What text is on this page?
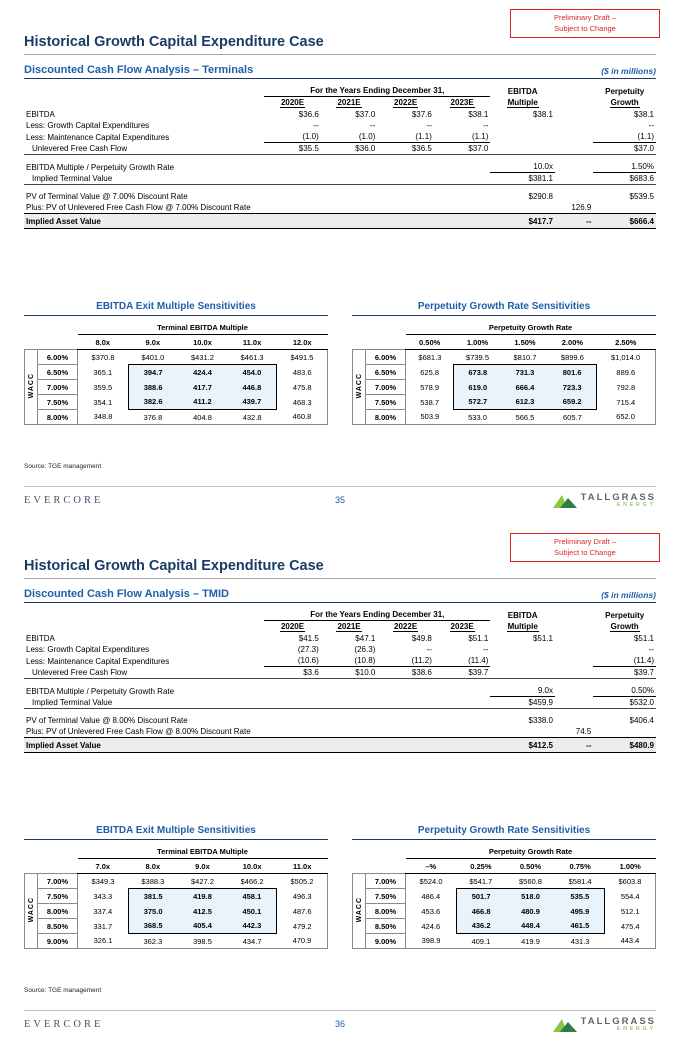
Preliminary Draft –
Subject to Change
Historical Growth Capital Expenditure Case
Discounted Cash Flow Analysis – Terminals	($ in millions)
	For the Years Ending December 31,				EBITDA		Perpetuity
	2020E	2021E	2022E	2023E	Multiple		Growth
EBITDA	$36.6	$37.0	$37.6	$38.1	$38.1		$38.1
Less: Growth Capital Expenditures	--	--	--	--			--
Less: Maintenance Capital Expenditures	(1.0)	(1.0)	(1.1)	(1.1)			(1.1)
Unlevered Free Cash Flow	$35.5	$36.0	$36.5	$37.0			$37.0
EBITDA Multiple / Perpetuity Growth Rate					10.0x		1.50%
Implied Terminal Value					$381.1		$683.6
PV of Terminal Value @ 7.00% Discount Rate					$290.8		$539.5
Plus: PV of Unlevered Free Cash Flow @ 7.00% Discount Rate						126.9	
Implied Asset Value					$417.7	--	$666.4
EBITDA Exit Multiple Sensitivities
		Terminal EBITDA Multiple				
		8.0x	9.0x	10.0x	11.0x	12.0x
WACC	6.00%	$370.8	$401.0	$431.2	$461.3	$491.5
	6.50%	365.1	394.7	424.4	454.0	483.6
	7.00%	359.5	388.6	417.7	446.8	475.8
	7.50%	354.1	382.6	411.2	439.7	468.3
	8.00%	348.8	376.8	404.8	432.8	460.8
Perpetuity Growth Rate Sensitivities
		Perpetuity Growth Rate				
		0.50%	1.00%	1.50%	2.00%	2.50%
WACC	6.00%	$681.3	$739.5	$810.7	$899.6	$1,014.0
	6.50%	625.8	673.8	731.3	801.6	889.6
	7.00%	578.9	619.0	666.4	723.3	792.8
	7.50%	538.7	572.7	612.3	659.2	715.4
	8.00%	503.9	533.0	566.5	605.7	652.0
Source: TGE management
EVERCORE	35	TALLGRASS
ENERGY
Preliminary Draft –
Subject to Change
Historical Growth Capital Expenditure Case
Discounted Cash Flow Analysis – TMID	($ in millions)
	For the Years Ending December 31,				EBITDA		Perpetuity
	2020E	2021E	2022E	2023E	Multiple		Growth
EBITDA	$41.5	$47.1	$49.8	$51.1	$51.1		$51.1
Less: Growth Capital Expenditures	(27.3)	(26.3)	--	--			--
Less: Maintenance Capital Expenditures	(10.6)	(10.8)	(11.2)	(11.4)			(11.4)
Unlevered Free Cash Flow	$3.6	$10.0	$38.6	$39.7			$39.7
EBITDA Multiple / Perpetuity Growth Rate					9.0x		0.50%
Implied Terminal Value					$459.9		$532.0
PV of Terminal Value @ 8.00% Discount Rate					$338.0		$406.4
Plus: PV of Unlevered Free Cash Flow @ 8.00% Discount Rate						74.5	
Implied Asset Value					$412.5	--	$480.9
EBITDA Exit Multiple Sensitivities
		Terminal EBITDA Multiple				
		7.0x	8.0x	9.0x	10.0x	11.0x
WACC	7.00%	$349.3	$388.3	$427.2	$466.2	$505.2
	7.50%	343.3	381.5	419.8	458.1	496.3
	8.00%	337.4	375.0	412.5	450.1	487.6
	8.50%	331.7	368.5	405.4	442.3	479.2
	9.00%	326.1	362.3	398.5	434.7	470.9
Perpetuity Growth Rate Sensitivities
		Perpetuity Growth Rate				
		–%	0.25%	0.50%	0.75%	1.00%
WACC	7.00%	$524.0	$541.7	$560.8	$581.4	$603.8
	7.50%	486.4	501.7	518.0	535.5	554.4
	8.00%	453.6	466.8	480.9	495.9	512.1
	8.50%	424.6	436.2	448.4	461.5	475.4
	9.00%	398.9	409.1	419.9	431.3	443.4
Source: TGE management
EVERCORE	36	TALLGRASS
ENERGY
